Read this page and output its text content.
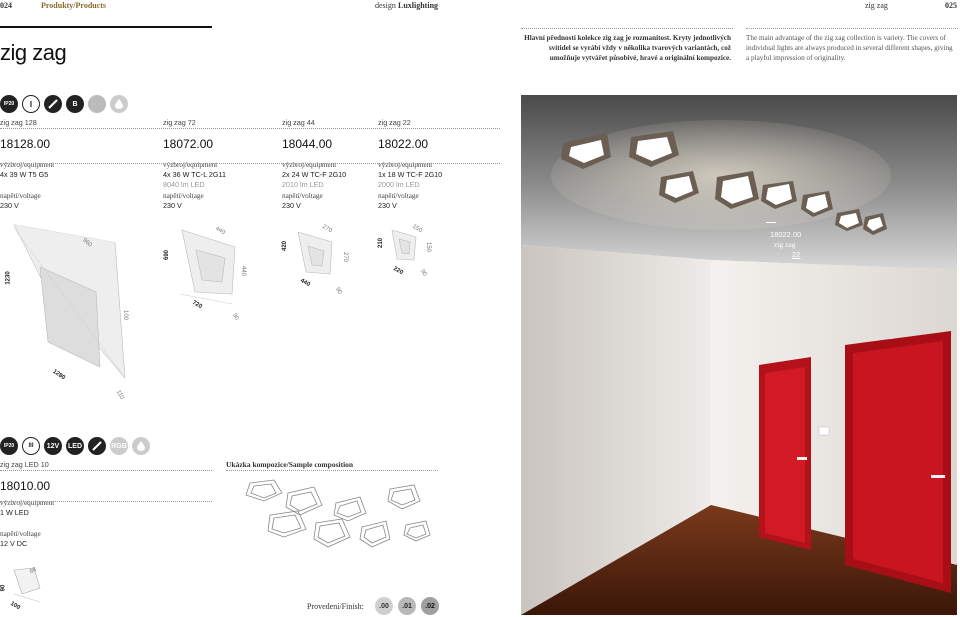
024	Produkty/Products	design Luxlighting	zig zag	025
zig zag
Hlavní předností kolekce zig zag je rozmanitost. Kryty jednotlivých svítidel se vyrábí vždy v několika tvarových variantách, což umožňuje vytvářet působivé, hravé a originální kompozice.
The main advantage of the zig zag collection is variety. The covers of individual lights are always produced in several different shapes, giving a playful impression of originality.
IP20	I	B
zig zag 128
18128.00
výzbroj/equipment
4x 39 W T5 G5
napětí/voltage
230 V
zig zag 72
18072.00
výzbroj/equipment
4x 36 W TC-L 2G11
8040 lm LED
napětí/voltage
230 V
zig zag 44
18044.00
výzbroj/equipment
2x 24 W TC-F 2G10
2010 lm LED
napětí/voltage
230 V
zig zag 22
18022.00
výzbroj/equipment
1x 18 W TC-F 2G10
2000 lm LED
napětí/voltage
230 V
1230
960
100
1280
110
690
440
440
720
90
420
270
270
440
90
210
150
150
220	90
IP20	III	12V	LED	RGB
zig zag LED 10
18010.00
výzbroj/equipment
1 W LED
napětí/voltage
12 V DC
90
68
100
Ukázka kompozice/Sample composition
Provedení/Finish:	.00	.01	.02
18022.00
zig zag
22
